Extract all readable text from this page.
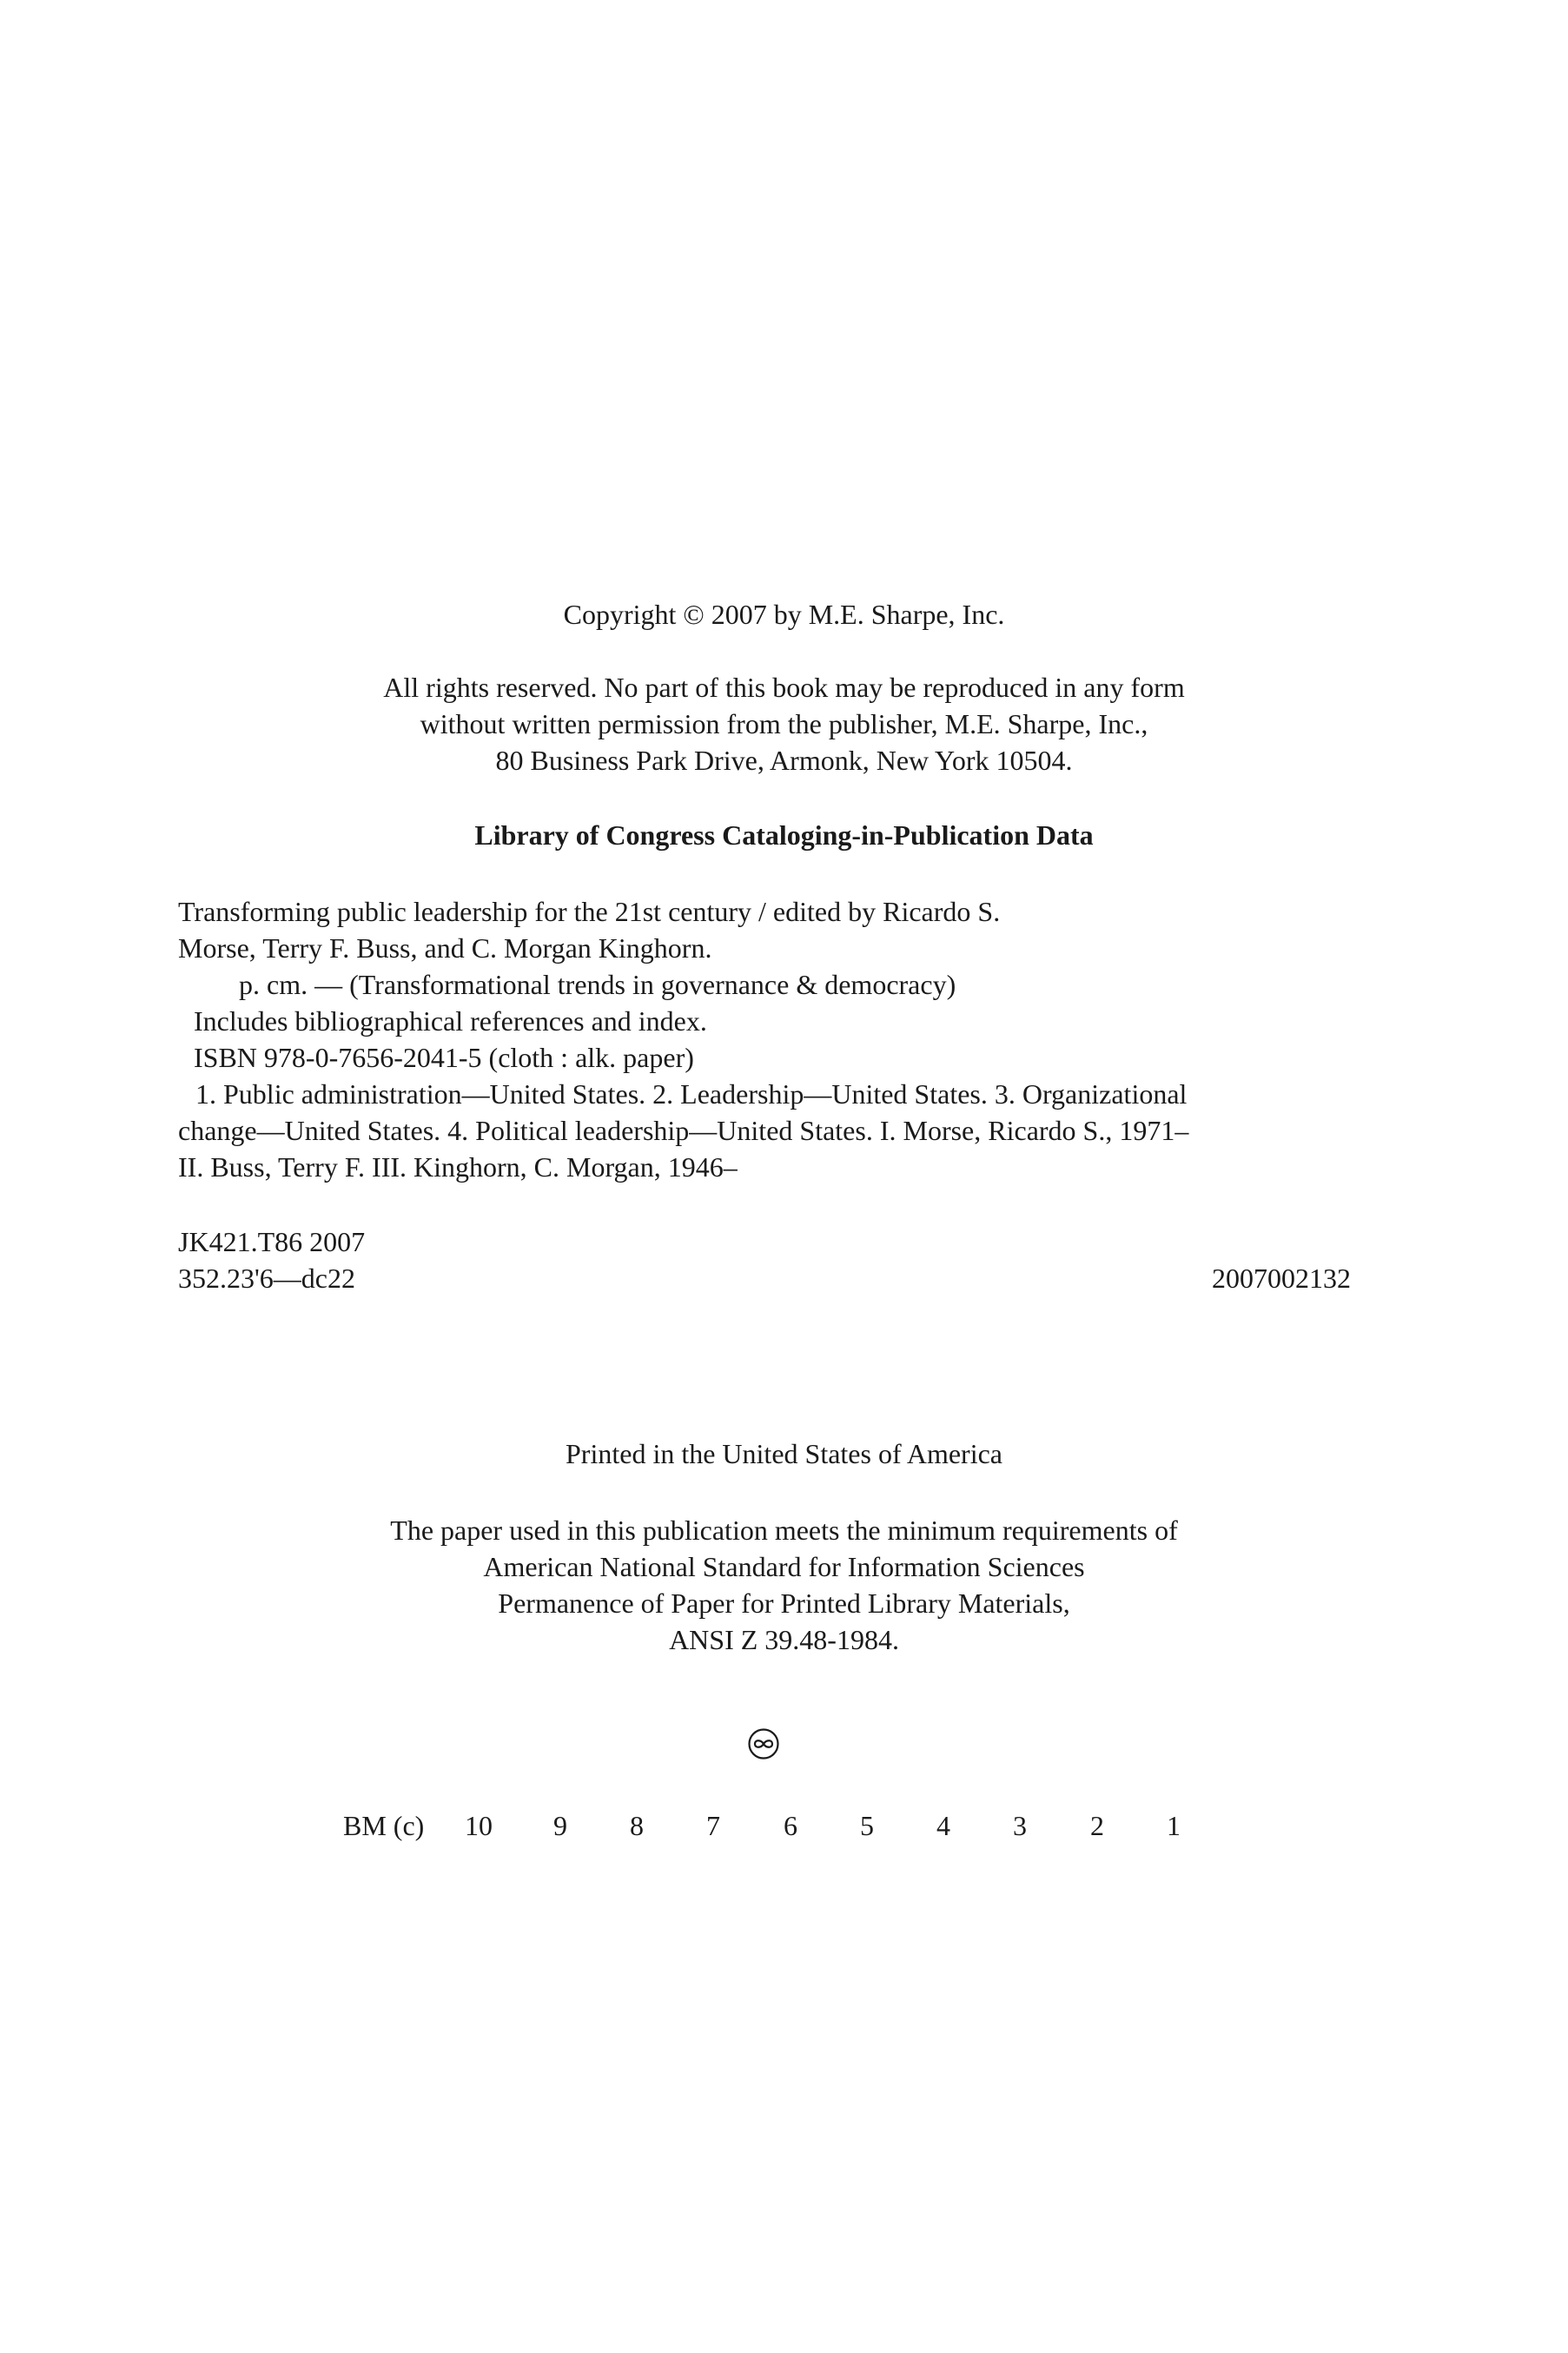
Copyright © 2007 by M.E. Sharpe, Inc.
All rights reserved. No part of this book may be reproduced in any form
without written permission from the publisher, M.E. Sharpe, Inc.,
80 Business Park Drive, Armonk, New York 10504.
Library of Congress Cataloging-in-Publication Data
Transforming public leadership for the 21st century / edited by Ricardo S.
Morse, Terry F. Buss, and C. Morgan Kinghorn.
p. cm. — (Transformational trends in governance & democracy)
Includes bibliographical references and index.
ISBN 978-0-7656-2041-5 (cloth : alk. paper)
1. Public administration—United States. 2. Leadership—United States. 3. Organizational
change—United States. 4. Political leadership—United States. I. Morse, Ricardo S., 1971–
II. Buss, Terry F. III. Kinghorn, C. Morgan, 1946–
JK421.T86 2007
352.23'6—dc22	2007002132
Printed in the United States of America
The paper used in this publication meets the minimum requirements of
American National Standard for Information Sciences
Permanence of Paper for Printed Library Materials,
ANSI Z 39.48-1984.
BM (c) 10 9 8 7 6 5 4 3 2 1
